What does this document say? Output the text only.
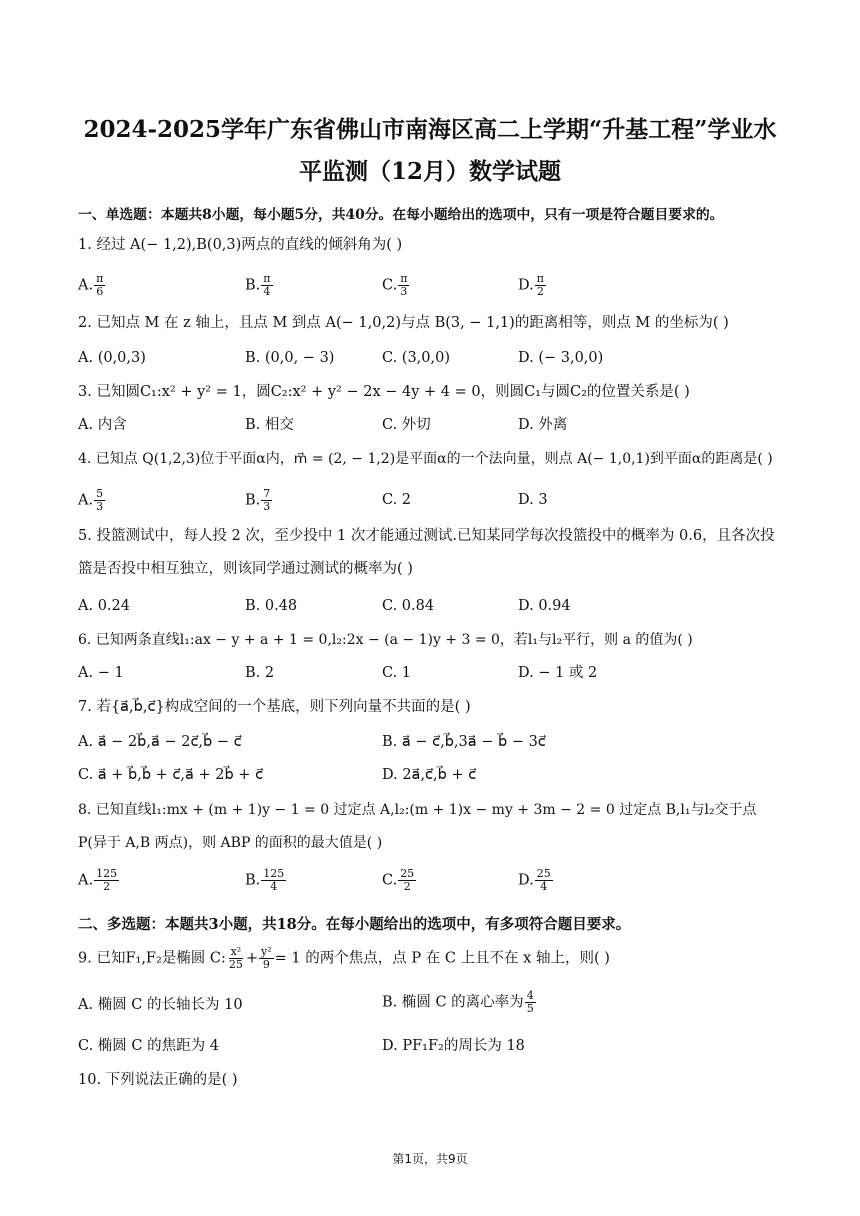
2024-2025学年广东省佛山市南海区高二上学期“升基工程”学业水
平监测（12月）数学试题
一、单选题：本题共8小题，每小题5分，共40分。在每小题给出的选项中，只有一项是符合题目要求的。
1. 经过 A(− 1,2),B(0,3)两点的直线的倾斜角为( )
A. $\frac{\pi}{6}$	B. $\frac{\pi}{4}$	C. $\frac{\pi}{3}$	D. $\frac{\pi}{2}$
2. 已知点 M 在 z 轴上，且点 M 到点 A(− 1,0,2)与点 B(3, − 1,1)的距离相等，则点 M 的坐标为( )
A. (0,0,3)	B. (0,0, − 3)	C. (3,0,0)	D. (− 3,0,0)
3. 已知圆C₁:x² + y² = 1，圆C₂:x² + y² − 2x − 4y + 4 = 0，则圆C₁与圆C₂的位置关系是( )
A. 内含	B. 相交	C. 外切	D. 外离
4. 已知点 Q(1,2,3)位于平面α内，m⃗ = (2, − 1,2)是平面α的一个法向量，则点 A(− 1,0,1)到平面α的距离是( )
A. $\frac{5}{3}$	B. $\frac{7}{3}$	C. 2	D. 3
5. 投篮测试中，每人投 2 次，至少投中 1 次才能通过测试.已知某同学每次投篮投中的概率为 0.6，且各次投篮是否投中相互独立，则该同学通过测试的概率为( )
A. 0.24	B. 0.48	C. 0.84	D. 0.94
6. 已知两条直线l₁:ax − y + a + 1 = 0,l₂:2x − (a − 1)y + 3 = 0，若l₁与l₂平行，则 a 的值为( )
A. − 1	B. 2	C. 1	D. − 1 或 2
7. 若{a⃗,b⃗,c⃗}构成空间的一个基底，则下列向量不共面的是( )
A. a⃗ − 2b⃗,a⃗ − 2c⃗,b⃗ − c⃗	B. a⃗ − c⃗,b⃗,3a⃗ − b⃗ − 3c⃗
C. a⃗ + b⃗,b⃗ + c⃗,a⃗ + 2b⃗ + c⃗	D. 2a⃗,c⃗,b⃗ + c⃗
8. 已知直线l₁:mx + (m + 1)y − 1 = 0 过定点 A,l₂:(m + 1)x − my + 3m − 2 = 0 过定点 B,l₁与l₂交于点 P(异于 A,B 两点)，则 ABP 的面积的最大值是( )
A. $\frac{125}{2}$	B. $\frac{125}{4}$	C. $\frac{25}{2}$	D. $\frac{25}{4}$
二、多选题：本题共3小题，共18分。在每小题给出的选项中，有多项符合题目要求。
9. 已知F₁,F₂是椭圆 C: $\frac{\text{x²}}{25} + \frac{\text{y²}}{9} = 1$ 的两个焦点，点 P 在 C 上且不在 x 轴上，则( )
A. 椭圆 C 的长轴长为 10	B. 椭圆 C 的离心率为 $\frac{4}{5}$
C. 椭圆 C 的焦距为 4	D. PF₁F₂的周长为 18
10. 下列说法正确的是( )
第1页，共9页
